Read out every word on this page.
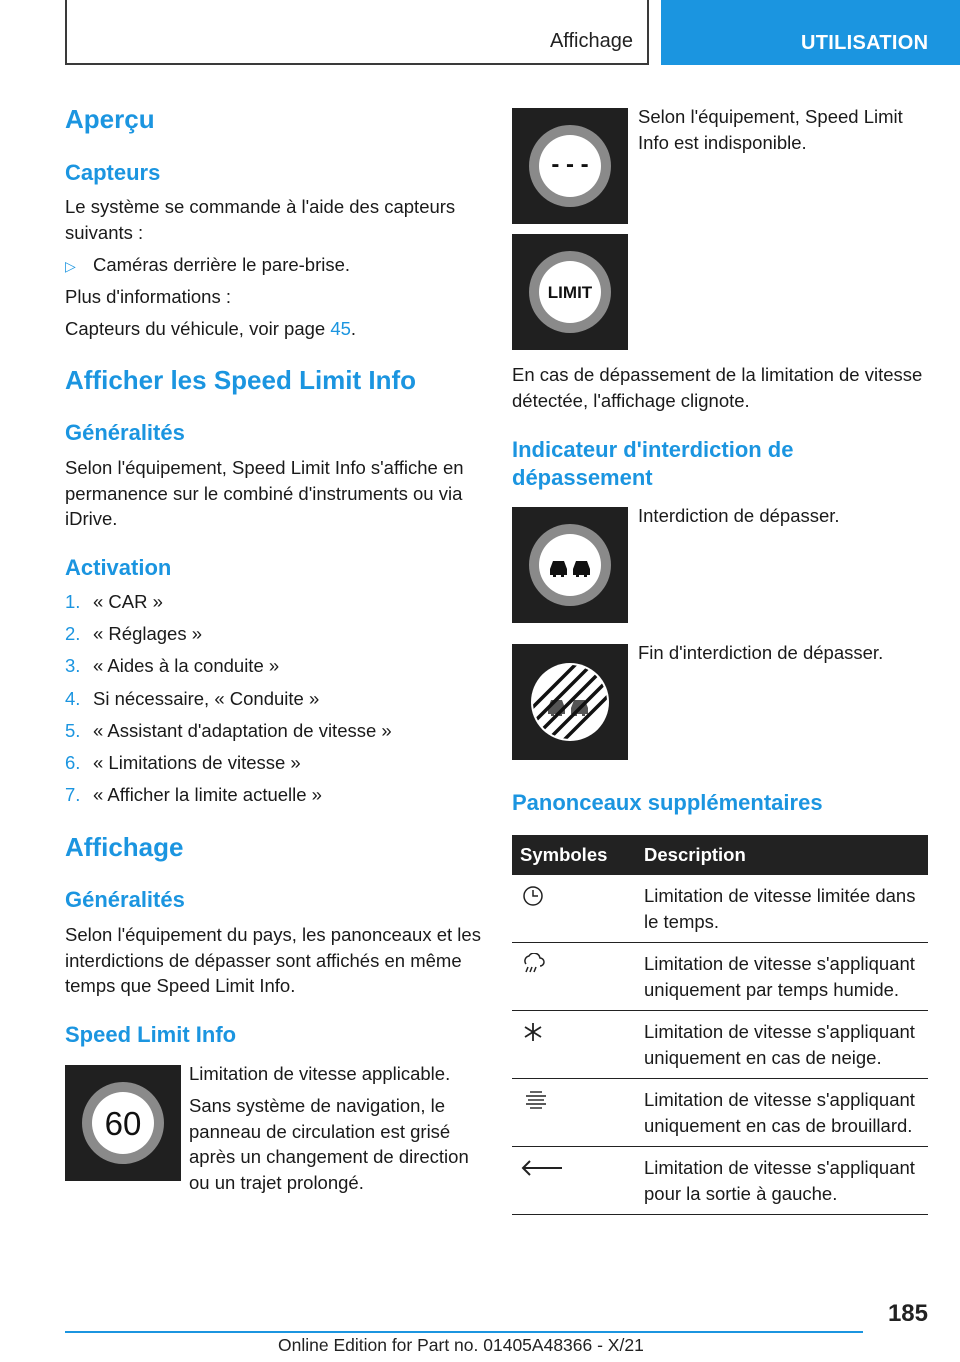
Affichage	UTILISATION
Aperçu
Capteurs
Le système se commande à l'aide des capteurs suivants :
▷ Caméras derrière le pare-brise.
Plus d'informations :
Capteurs du véhicule, voir page 45.
Afficher les Speed Limit Info
Généralités
Selon l'équipement, Speed Limit Info s'affiche en permanence sur le combiné d'instruments ou via iDrive.
Activation
1. « CAR »
2. « Réglages »
3. « Aides à la conduite »
4. Si nécessaire, « Conduite »
5. « Assistant d'adaptation de vitesse »
6. « Limitations de vitesse »
7. « Afficher la limite actuelle »
Affichage
Généralités
Selon l'équipement du pays, les panonceaux et les interdictions de dépasser sont affichés en même temps que Speed Limit Info.
Speed Limit Info
60
Limitation de vitesse applicable.
Sans système de navigation, le panneau de circulation est grisé après un changement de direction ou un trajet prolongé.
- - -
Selon l'équipement, Speed Limit Info est indisponible.
LIMIT
En cas de dépassement de la limitation de vitesse détectée, l'affichage clignote.
Indicateur d'interdiction de dépassement
Interdiction de dépasser.
Fin d'interdiction de dépasser.
Panonceaux supplémentaires
Symboles	Description
	Limitation de vitesse limitée dans le temps.
	Limitation de vitesse s'appliquant uniquement par temps humide.
	Limitation de vitesse s'appliquant uniquement en cas de neige.
	Limitation de vitesse s'appliquant uniquement en cas de brouillard.
	Limitation de vitesse s'appliquant pour la sortie à gauche.
185
Online Edition for Part no. 01405A48366 - X/21
